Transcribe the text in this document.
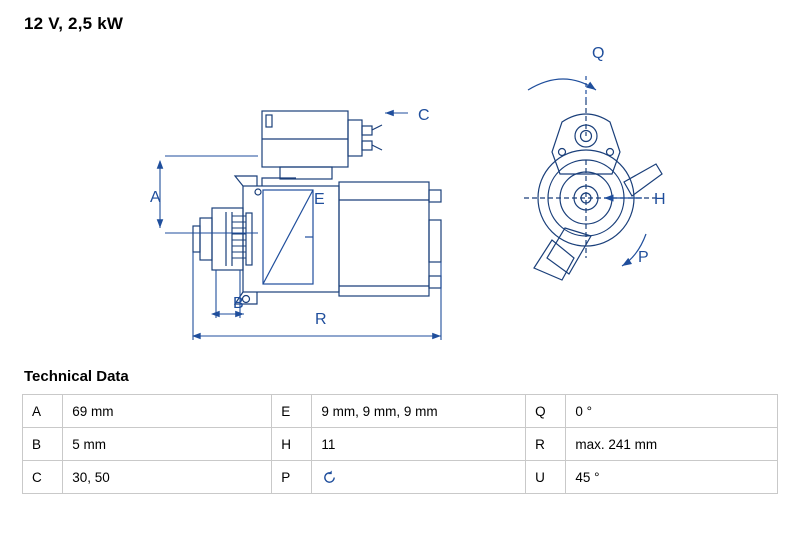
12 V, 2,5 kW
A
B
C
E	H
P
Q
R
Technical Data
A	69 mm	E	9 mm, 9 mm, 9 mm	Q	0 °
B	5 mm	H	11	R	max. 241 mm
C	30, 50	P		U	45 °
